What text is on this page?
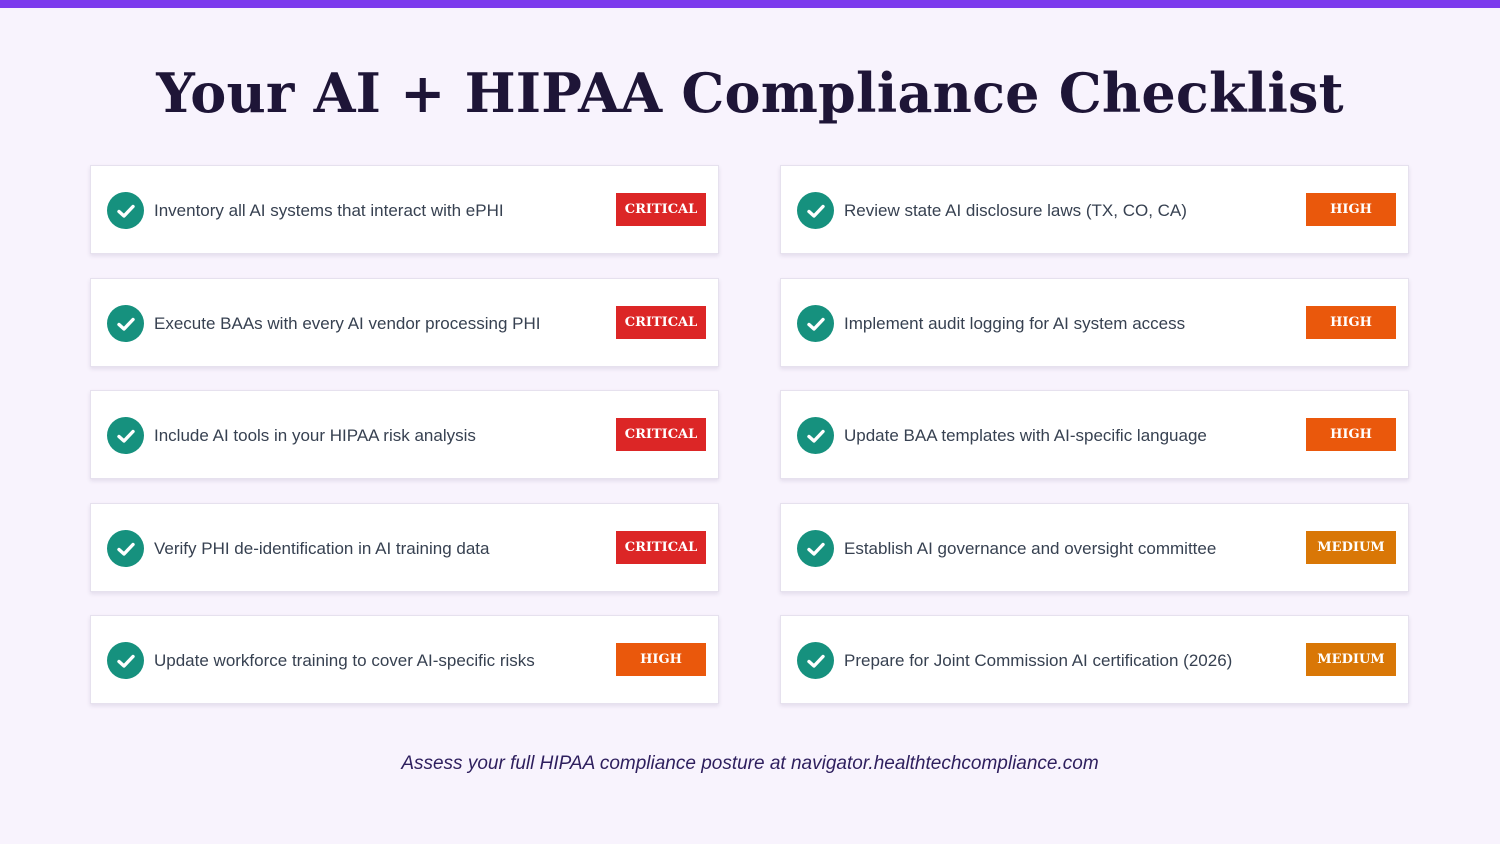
Your AI + HIPAA Compliance Checklist
Inventory all AI systems that interact with ePHI	CRITICAL
Execute BAAs with every AI vendor processing PHI	CRITICAL
Include AI tools in your HIPAA risk analysis	CRITICAL
Verify PHI de-identification in AI training data	CRITICAL
Update workforce training to cover AI-specific risks	HIGH
Review state AI disclosure laws (TX, CO, CA)	HIGH
Implement audit logging for AI system access	HIGH
Update BAA templates with AI-specific language	HIGH
Establish AI governance and oversight committee	MEDIUM
Prepare for Joint Commission AI certification (2026)	MEDIUM
Assess your full HIPAA compliance posture at navigator.healthtechcompliance.com
